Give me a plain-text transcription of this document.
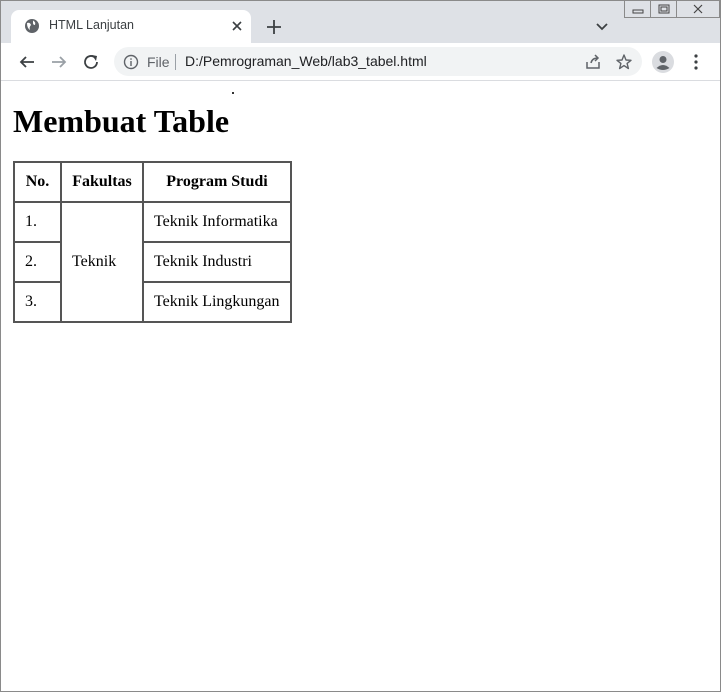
HTML Lanjutan
File D:/Pemrograman_Web/lab3_tabel.html
Membuat Table
No.	Fakultas	Program Studi
1.	Teknik	Teknik Informatika
2.		Teknik Industri
3.		Teknik Lingkungan
